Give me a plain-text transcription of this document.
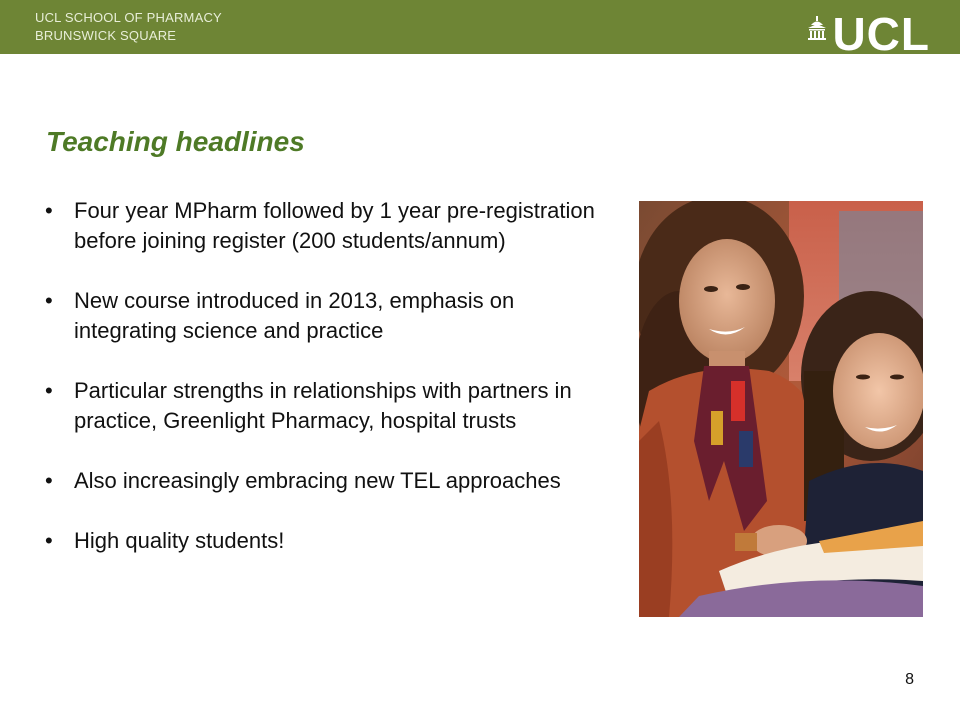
UCL SCHOOL OF PHARMACY
BRUNSWICK SQUARE	UCL
Teaching headlines
• Four year MPharm followed by 1 year pre-registration before joining register (200 students/annum)
• New course introduced in 2013, emphasis on integrating science and practice
• Particular strengths in relationships with partners in practice, Greenlight Pharmacy, hospital trusts
• Also increasingly embracing new TEL approaches
• High quality students!
8
